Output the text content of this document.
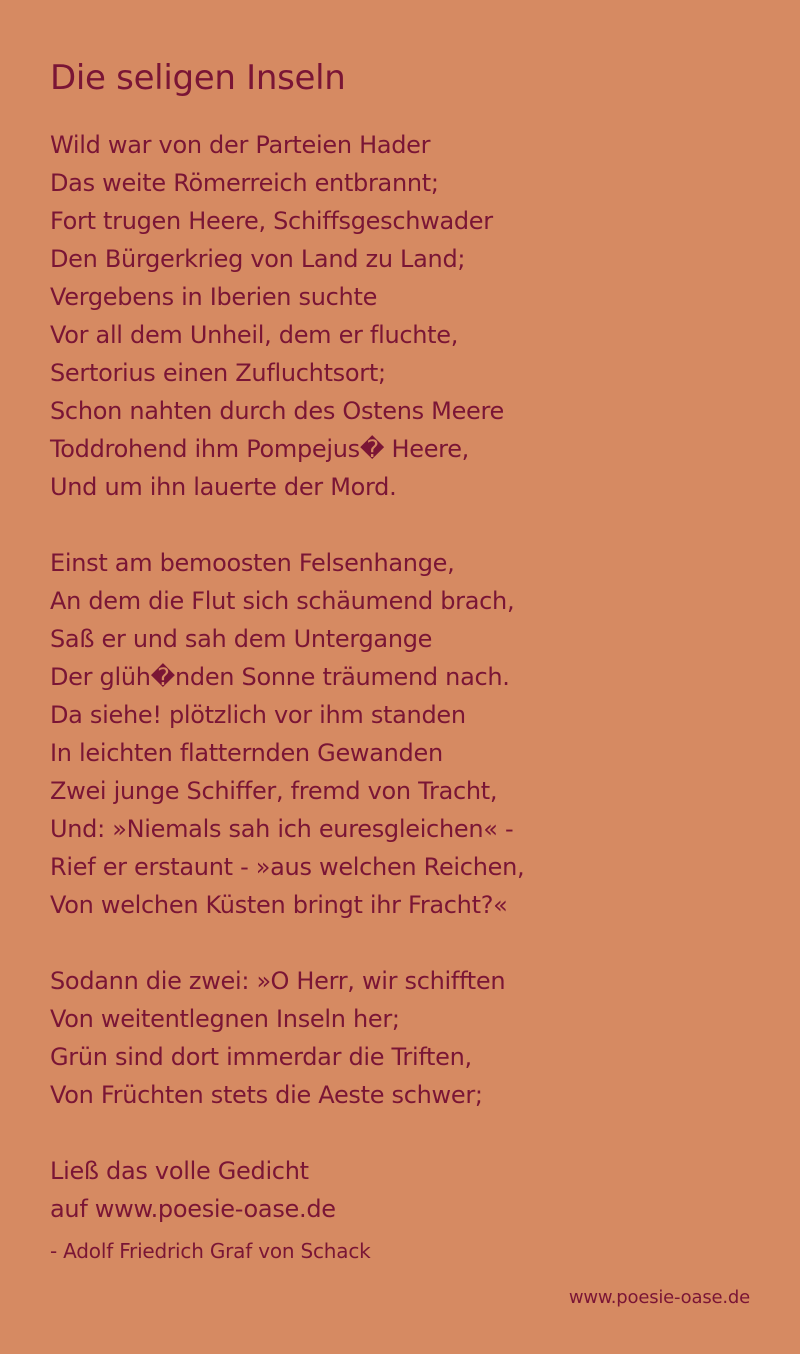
Die seligen Inseln
Wild war von der Parteien Hader
Das weite Römerreich entbrannt;
Fort trugen Heere, Schiffsgeschwader
Den Bürgerkrieg von Land zu Land;
Vergebens in Iberien suchte
Vor all dem Unheil, dem er fluchte,
Sertorius einen Zufluchtsort;
Schon nahten durch des Ostens Meere
Toddrohend ihm Pompejus� Heere,
Und um ihn lauerte der Mord.
Einst am bemoosten Felsenhange,
An dem die Flut sich schäumend brach,
Saß er und sah dem Untergange
Der glüh�nden Sonne träumend nach.
Da siehe! plötzlich vor ihm standen
In leichten flatternden Gewanden
Zwei junge Schiffer, fremd von Tracht,
Und: »Niemals sah ich euresgleichen« -
Rief er erstaunt - »aus welchen Reichen,
Von welchen Küsten bringt ihr Fracht?«
Sodann die zwei: »O Herr, wir schifften
Von weitentlegnen Inseln her;
Grün sind dort immerdar die Triften,
Von Früchten stets die Aeste schwer;
Ließ das volle Gedicht
auf www.poesie-oase.de
- Adolf Friedrich Graf von Schack
www.poesie-oase.de
